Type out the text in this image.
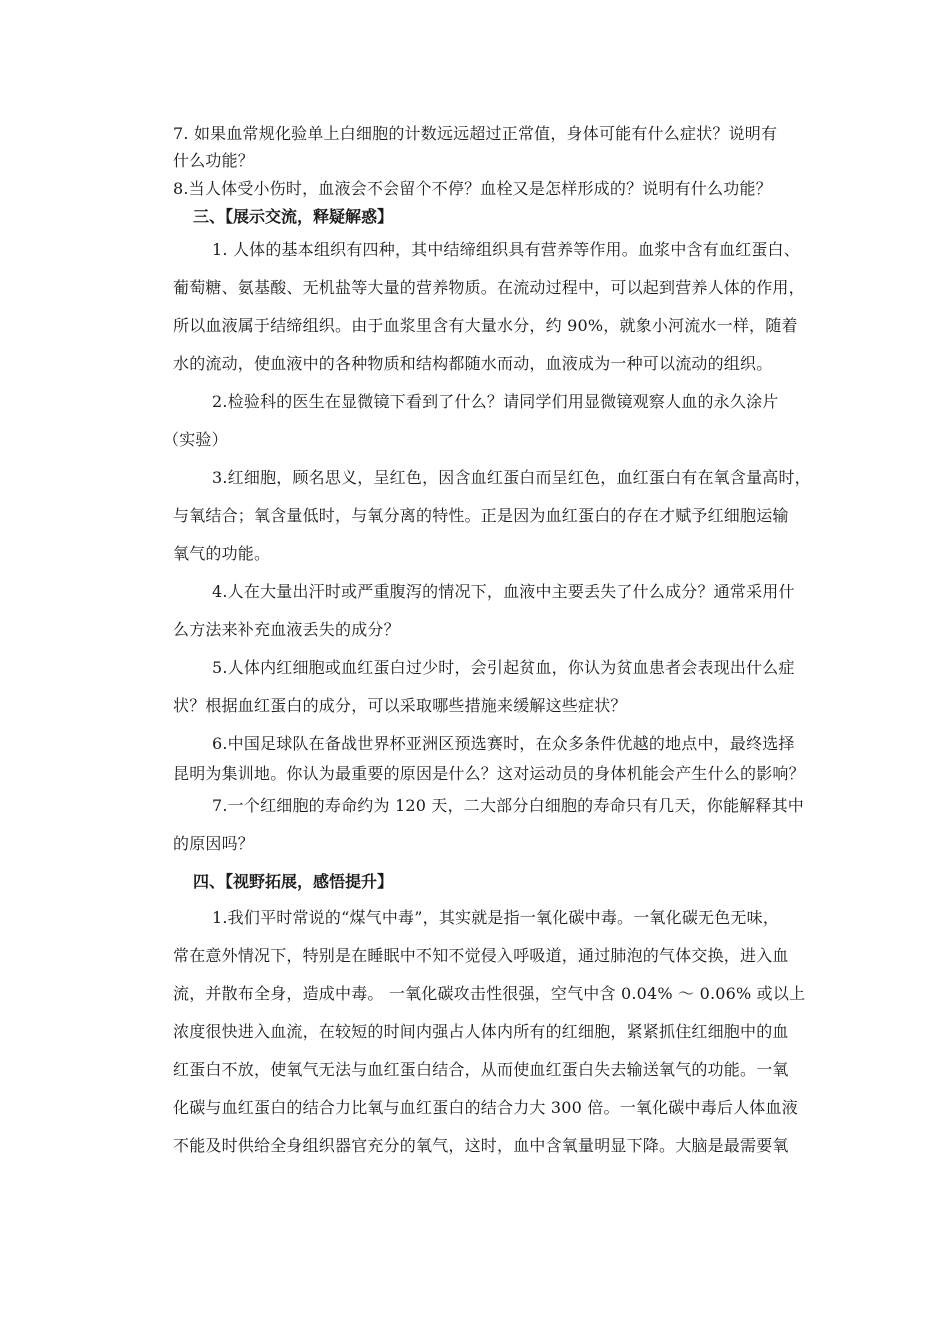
7. 如果血常规化验单上白细胞的计数远远超过正常值，身体可能有什么症状？说明有
什么功能？
8.当人体受小伤时，血液会不会留个不停？血栓又是怎样形成的？说明有什么功能？
三、【展示交流，释疑解惑】
1. 人体的基本组织有四种，其中结缔组织具有营养等作用。血浆中含有血红蛋白、
葡萄糖、氨基酸、无机盐等大量的营养物质。在流动过程中，可以起到营养人体的作用，
所以血液属于结缔组织。由于血浆里含有大量水分，约 90%，就象小河流水一样，随着
水的流动，使血液中的各种物质和结构都随水而动，血液成为一种可以流动的组织。
2.检验科的医生在显微镜下看到了什么？请同学们用显微镜观察人血的永久涂片
（实验）
3.红细胞，顾名思义，呈红色，因含血红蛋白而呈红色，血红蛋白有在氧含量高时，
与氧结合；氧含量低时，与氧分离的特性。正是因为血红蛋白的存在才赋予红细胞运输
氧气的功能。
4.人在大量出汗时或严重腹泻的情况下，血液中主要丢失了什么成分？通常采用什
么方法来补充血液丢失的成分？
5.人体内红细胞或血红蛋白过少时，会引起贫血，你认为贫血患者会表现出什么症
状？根据血红蛋白的成分，可以采取哪些措施来缓解这些症状？
6.中国足球队在备战世界杯亚洲区预选赛时，在众多条件优越的地点中，最终选择
昆明为集训地。你认为最重要的原因是什么？这对运动员的身体机能会产生什么的影响？
7.一个红细胞的寿命约为 120 天，二大部分白细胞的寿命只有几天，你能解释其中
的原因吗？
四、【视野拓展，感悟提升】
1.我们平时常说的“煤气中毒”，其实就是指一氧化碳中毒。一氧化碳无色无味，
常在意外情况下，特别是在睡眠中不知不觉侵入呼吸道，通过肺泡的气体交换，进入血
流，并散布全身，造成中毒。 一氧化碳攻击性很强，空气中含 0.04% ～ 0.06% 或以上
浓度很快进入血流，在较短的时间内强占人体内所有的红细胞，紧紧抓住红细胞中的血
红蛋白不放，使氧气无法与血红蛋白结合，从而使血红蛋白失去输送氧气的功能。一氧
化碳与血红蛋白的结合力比氧与血红蛋白的结合力大 300 倍。一氧化碳中毒后人体血液
不能及时供给全身组织器官充分的氧气，这时，血中含氧量明显下降。大脑是最需要氧
